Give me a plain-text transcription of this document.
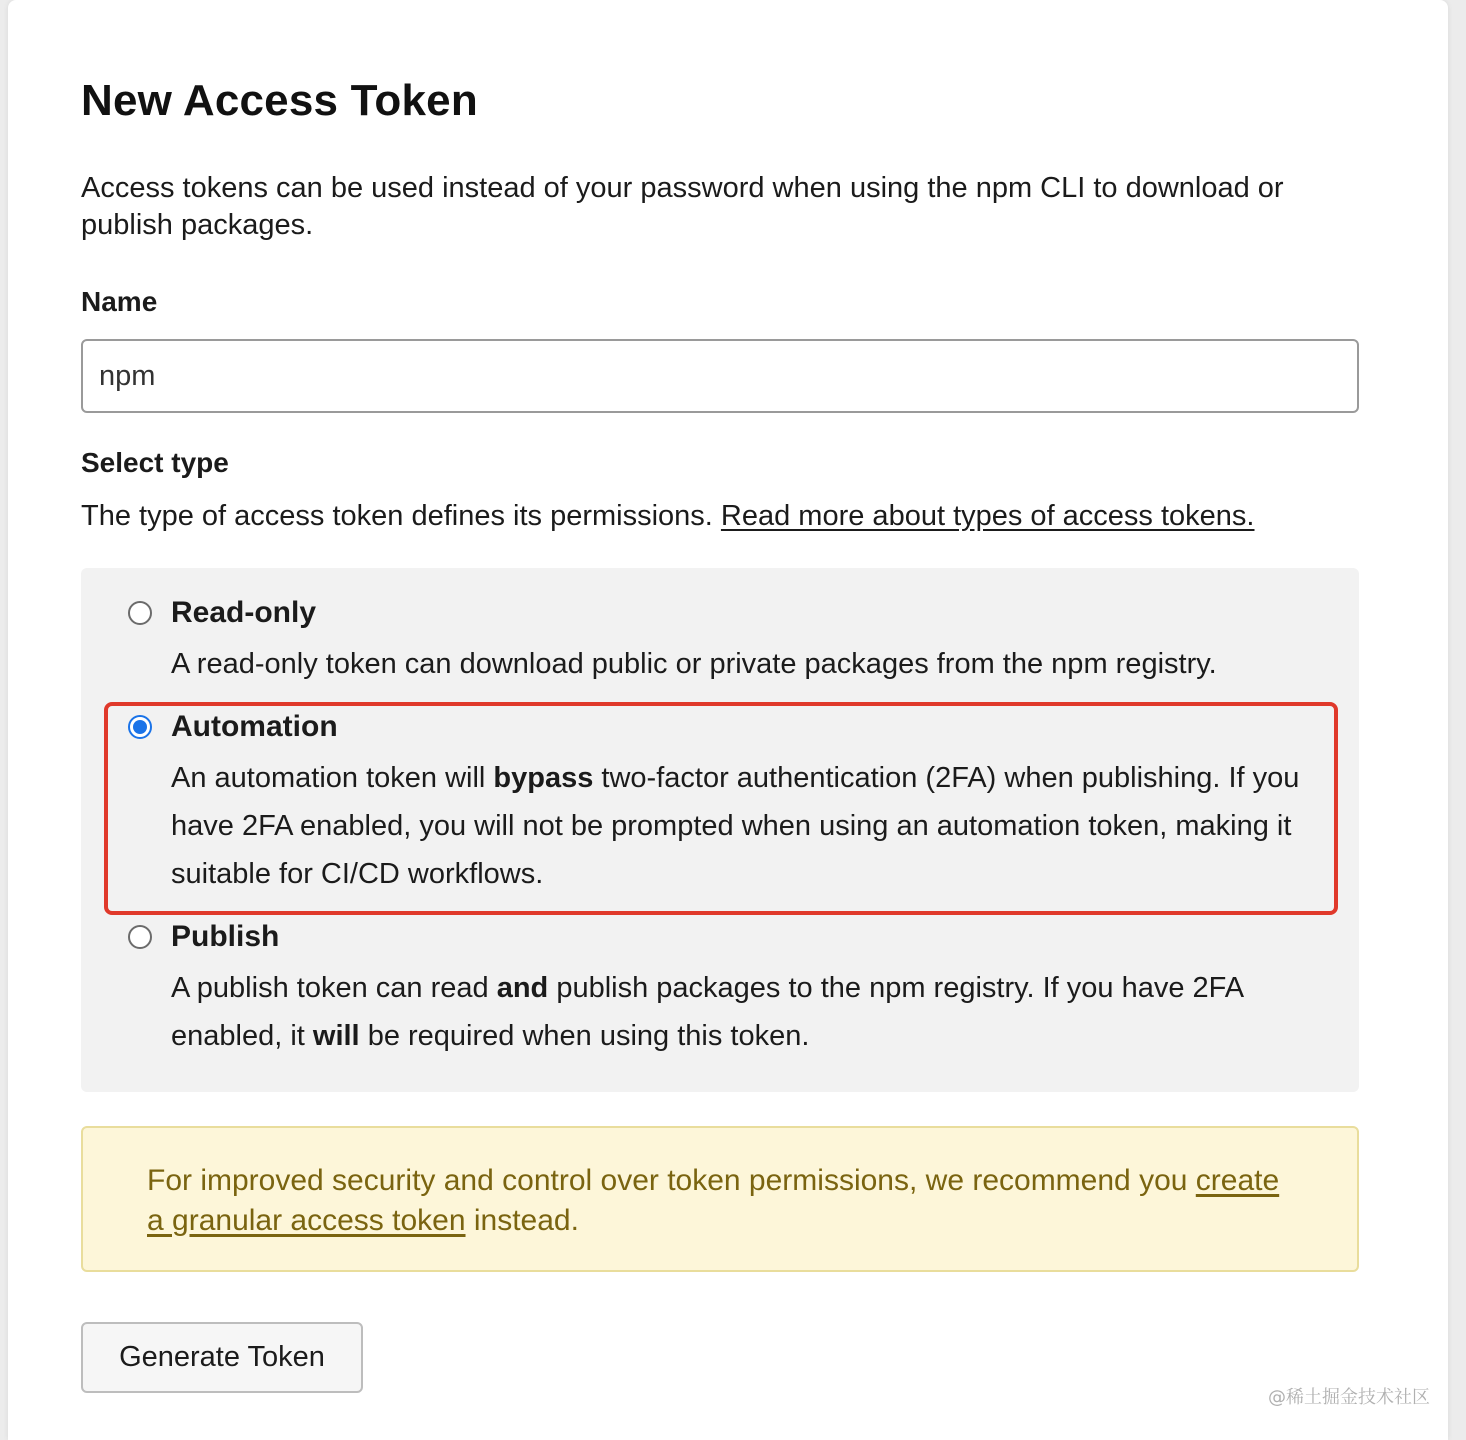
New Access Token

Access tokens can be used instead of your password when using the npm CLI to download or publish packages.

Name
npm
Select type

The type of access token defines its permissions. Read more about types of access tokens.

Read-only

A read-only token can download public or private packages from the npm registry.

Automation

An automation token will bypass two-factor authentication (2FA) when publishing. If you have 2FA enabled, you will not be prompted when using an automation token, making it suitable for CI/CD workflows.

Publish

A publish token can read and publish packages to the npm registry. If you have 2FA enabled, it will be required when using this token.

For improved security and control over token permissions, we recommend you create a granular access token instead.
Generate Token
@稀土掘金技术社区
